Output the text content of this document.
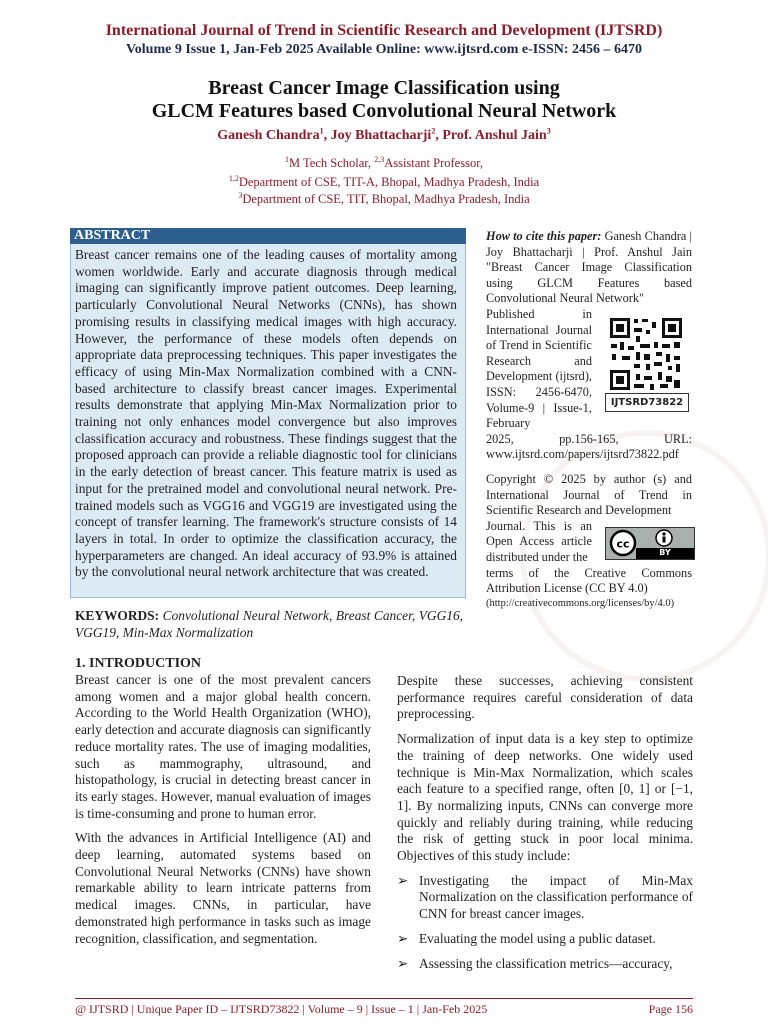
International Journal of Trend in Scientific Research and Development (IJTSRD)
Volume 9 Issue 1, Jan-Feb 2025 Available Online: www.ijtsrd.com e-ISSN: 2456 – 6470
Breast Cancer Image Classification using
GLCM Features based Convolutional Neural Network
Ganesh Chandra$^1$, Joy Bhattacharji$^2$, Prof. Anshul Jain$^3$
$^1$M Tech Scholar, $^{2,3}$Assistant Professor,
$^{1,2}$Department of CSE, TIT-A, Bhopal, Madhya Pradesh, India
$^3$Department of CSE, TIT, Bhopal, Madhya Pradesh, India
ABSTRACT
Breast cancer remains one of the leading causes of mortality among women worldwide. Early and accurate diagnosis through medical imaging can significantly improve patient outcomes. Deep learning, particularly Convolutional Neural Networks (CNNs), has shown promising results in classifying medical images with high accuracy. However, the performance of these models often depends on appropriate data preprocessing techniques. This paper investigates the efficacy of using Min-Max Normalization combined with a CNN-based architecture to classify breast cancer images. Experimental results demonstrate that applying Min-Max Normalization prior to training not only enhances model convergence but also improves classification accuracy and robustness. These findings suggest that the proposed approach can provide a reliable diagnostic tool for clinicians in the early detection of breast cancer. This feature matrix is used as input for the pretrained model and convolutional neural network. Pre-trained models such as VGG16 and VGG19 are investigated using the concept of transfer learning. The framework's structure consists of 14 layers in total. In order to optimize the classification accuracy, the hyperparameters are changed. An ideal accuracy of 93.9% is attained by the convolutional neural network architecture that was created.
KEYWORDS: Convolutional Neural Network, Breast Cancer, VGG16, VGG19, Min-Max Normalization
How to cite this paper: Ganesh Chandra | Joy Bhattacharji | Prof. Anshul Jain "Breast Cancer Image Classification using GLCM Features based Convolutional Neural Network"
Published in International Journal of Trend in Scientific Research and Development (ijtsrd), ISSN: 2456-6470, Volume-9 | Issue-1, February
2025, pp.156-165, URL: www.ijtsrd.com/papers/ijtsrd73822.pdf
IJTSRD73822
Copyright © 2025 by author (s) and International Journal of Trend in Scientific Research and Development
Journal. This is an Open Access article distributed under the
terms of the Creative Commons Attribution License (CC BY 4.0)
cc
BY
(http://creativecommons.org/licenses/by/4.0)
1. INTRODUCTION

Breast cancer is one of the most prevalent cancers among women and a major global health concern. According to the World Health Organization (WHO), early detection and accurate diagnosis can significantly reduce mortality rates. The use of imaging modalities, such as mammography, ultrasound, and histopathology, is crucial in detecting breast cancer in its early stages. However, manual evaluation of images is time-consuming and prone to human error.

With the advances in Artificial Intelligence (AI) and deep learning, automated systems based on Convolutional Neural Networks (CNNs) have shown remarkable ability to learn intricate patterns from medical images. CNNs, in particular, have demonstrated high performance in tasks such as image recognition, classification, and segmentation.

Despite these successes, achieving consistent performance requires careful consideration of data preprocessing.

Normalization of input data is a key step to optimize the training of deep networks. One widely used technique is Min-Max Normalization, which scales each feature to a specified range, often [0, 1] or [−1, 1]. By normalizing inputs, CNNs can converge more quickly and reliably during training, while reducing the risk of getting stuck in poor local minima. Objectives of this study include:

➢ Investigating the impact of Min-Max Normalization on the classification performance of CNN for breast cancer images.
➢ Evaluating the model using a public dataset.
➢ Assessing the classification metrics—accuracy,
@ IJTSRD | Unique Paper ID – IJTSRD73822 | Volume – 9 | Issue – 1 | Jan-Feb 2025	Page 156
